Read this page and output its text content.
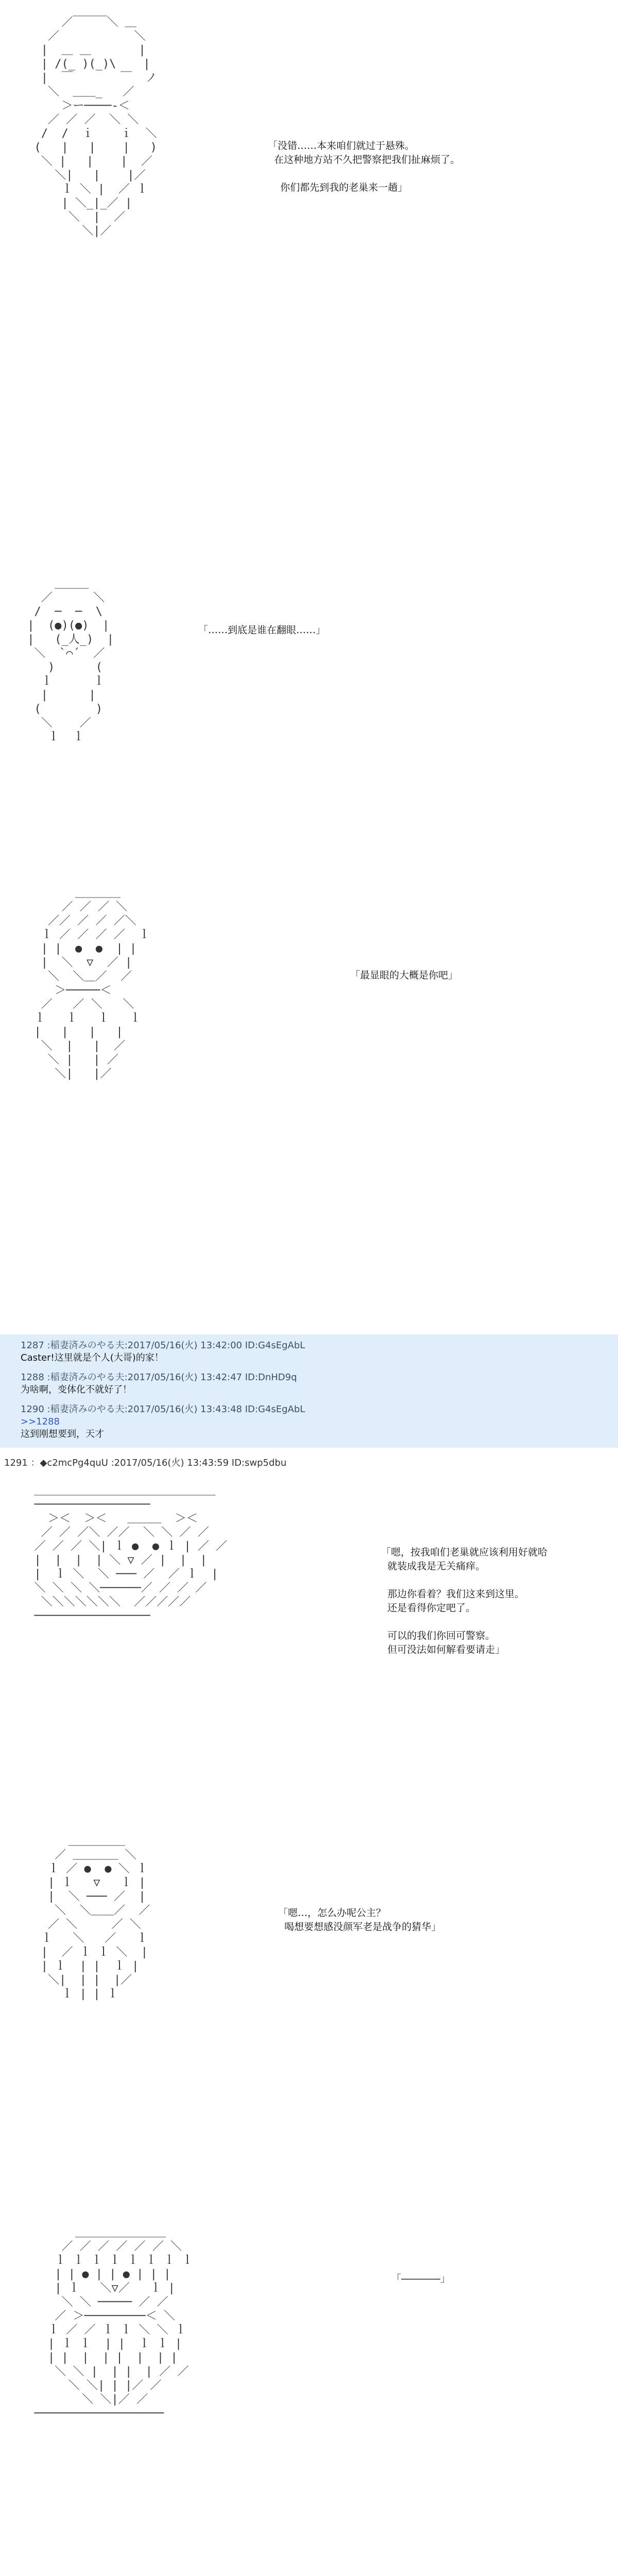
／￣￣￣＼ ＿
／           ＼
|  ＿ ＿       |
| /(_ )(_)\    |
|  ￣       ￣  ノ
＼  ＿＿_   ／
＞ー────‐＜
／ ／ ／  ＼ ＼
/  /  ｉ    ｉ  ＼
(   |   |    |   )
＼ |   |    |  ／
＼|   |    |／
ｌ ＼ |  ／ ｌ
| ＼_|_／ |
＼  |  ／
＼|／
「没错……本来咱们就过于悬殊。
在这种地方站不久把警察把我们扯麻烦了。

你们都先到我的老巢来一趟」
＿＿＿
／      ＼
/  ─  ─  \
|  (●)(●)  |
|   (_人_)  |
＼  `⌒´  ／
)      (
ｌ      ｌ
|      |
(        )
＼    ／
ｌ  ｌ
「……到底是谁在翻眼……」
＿＿＿＿
／ ／ ／ ＼
／／ ／ ／ ／＼
ｌ ／ ／ ／ ／  ｌ
| |  ●  ●  | |
|  ＼  ▽  ／ |
＼  ＼＿／  ／
＞─────＜
／   ／ ＼   ＼
ｌ   ｌ   ｌ   ｌ
|   |   |   |
＼  |   |  ／
＼ |   | ／
＼|   |／
「最显眼的大概是你吧」
1287 :稲妻済みのやる夫:2017/05/16(火) 13:42:00 ID:G4sEgAbL
Caster!这里就是个人(大哥)的家！
1288 :稲妻済みのやる夫:2017/05/16(火) 13:42:47 ID:DnHD9q
为啥啊，变体化不就好了！
1290 :稲妻済みのやる夫:2017/05/16(火) 13:43:48 ID:G4sEgAbL
>>1288
这到刚想要到，天才
1291 ：◆c2mcPg4quU :2017/05/16(火) 13:43:59 ID:swp5dbu
＿＿＿＿＿＿＿＿＿＿＿＿＿＿＿＿
─────────────────
＞＜  ＞＜   ＿＿＿  ＞＜
／ ／ ／＼ ／／  ＼ ＼ ／ ／
／ ／ ／ ＼| ｌ ●  ● ｌ | ／ ／
|  |  |  | ＼ ▽ ／ |  |  |
|  ｌ ＼  ＼ ─── ／  ／ ｌ  |
＼ ＼ ＼ ＼──────／ ／ ／ ／
＼＼＼＼＼＼＼  ／／／／／
─────────────────
「嗯，按我咱们老巢就应该利用好就哈
就装成我是无关痛痒。

那边你看着？我们这来到这里。
还是看得你定吧了。

可以的我们你回可警察。
但可没法如何解看要请走」
＿＿＿＿＿
／ ＿＿＿＿ ＼
ｌ ／ ●  ● ＼ ｌ
| ｌ   ▽   ｌ |
|  ＼ ─── ／  |
＼  ＼＿＿／  ／
／ ＼     ／ ＼
ｌ   ＼   ／   ｌ
|  ／ ｌ ｌ ＼  |
| ｌ  | |  ｌ |
＼|  | |  |／
ｌ | | ｌ
「嗯…，怎么办呢公主？
喝想要想感没颜军老是战争的猜华」
＿＿＿＿＿＿＿＿
／ ／ ／ ／ ／ ／ ＼
ｌ ｌ ｌ ｌ ｌ ｌ ｌ ｌ
| | ● | | ● | | |
| ｌ   ＼▽／   ｌ |
＼ ＼ ───── ／ ／
／ ＞─────────＜ ＼
ｌ ／ ／ ｌ ｌ ＼ ＼ ｌ
| ｌ ｌ  | |  ｌ ｌ |
| |  |  | |  |  | |
＼ ＼ |  | |  | ／ ／
＼ ＼| | |／ ／
＼ ＼|／ ／
───────────────────
「――――」
